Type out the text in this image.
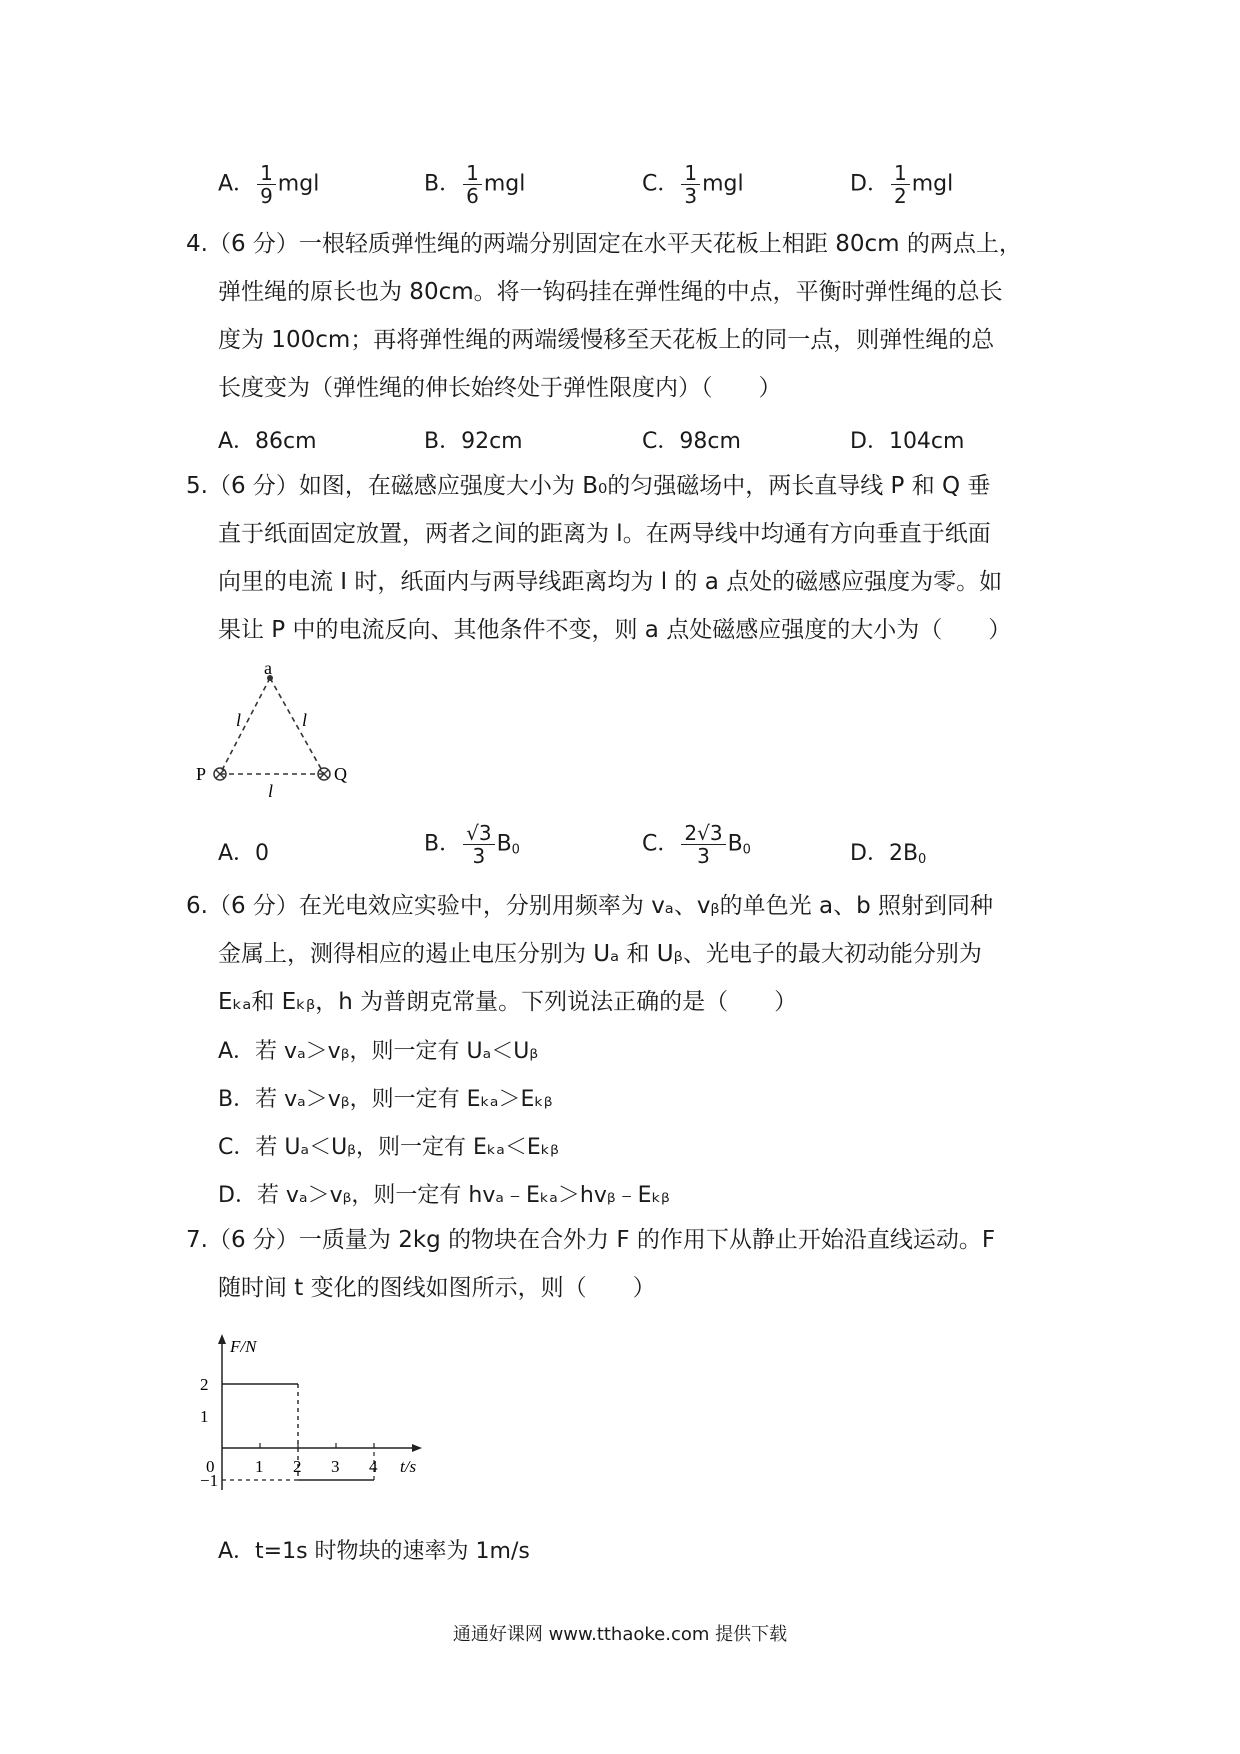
A． $\frac{1}{9}$ mgl	B． $\frac{1}{6}$ mgl	C． $\frac{1}{3}$ mgl	D． $\frac{1}{2}$ mgl
4.（6 分）一根轻质弹性绳的两端分别固定在水平天花板上相距 80cm 的两点上，
弹性绳的原长也为 80cm。将一钩码挂在弹性绳的中点，平衡时弹性绳的总长
度为 100cm；再将弹性绳的两端缓慢移至天花板上的同一点，则弹性绳的总
长度变为（弹性绳的伸长始终处于弹性限度内）（　　）
A．86cm	B．92cm	C．98cm	D．104cm
5.（6 分）如图，在磁感应强度大小为 B₀的匀强磁场中，两长直导线 P 和 Q 垂
直于纸面固定放置，两者之间的距离为 l。在两导线中均通有方向垂直于纸面
向里的电流 I 时，纸面内与两导线距离均为 l 的 a 点处的磁感应强度为零。如
果让 P 中的电流反向、其他条件不变，则 a 点处磁感应强度的大小为（　　）
a
P	Q
l	l
l
A．0	B． $\frac{√3}{3} B_0$	C． $\frac{2√3}{3} B_0$	D．$2B_0$
6.（6 分）在光电效应实验中，分别用频率为 vₐ、vᵦ的单色光 a、b 照射到同种
金属上，测得相应的遏止电压分别为 Uₐ 和 Uᵦ、光电子的最大初动能分别为
Eₖₐ和 Eₖᵦ，h 为普朗克常量。下列说法正确的是（　　）
A．若 vₐ＞vᵦ，则一定有 Uₐ＜Uᵦ
B．若 vₐ＞vᵦ，则一定有 Eₖₐ＞Eₖᵦ
C．若 Uₐ＜Uᵦ，则一定有 Eₖₐ＜Eₖᵦ
D．若 vₐ＞vᵦ，则一定有 hvₐ﹣Eₖₐ＞hvᵦ﹣Eₖᵦ
7.（6 分）一质量为 2kg 的物块在合外力 F 的作用下从静止开始沿直线运动。F
随时间 t 变化的图线如图所示，则（　　）
F/N
t/s
0 1 2 3 4
2
1
−1
A．t=1s 时物块的速率为 1m/s
通通好课网 www.tthaoke.com 提供下载
